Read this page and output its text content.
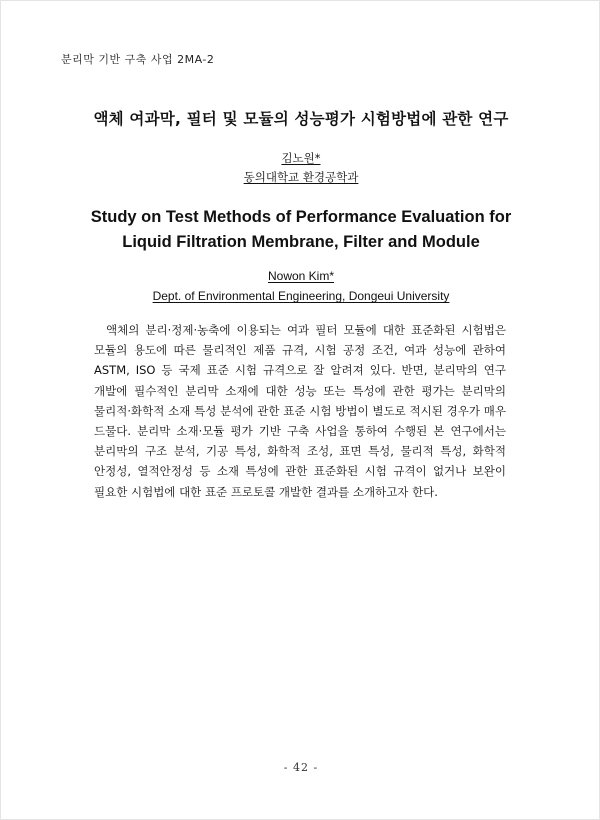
분리막 기반 구축 사업 2MA-2
액체 여과막, 필터 및 모듈의 성능평가 시험방법에 관한 연구
김노원*
동의대학교 환경공학과
Study on Test Methods of Performance Evaluation for
Liquid Filtration Membrane, Filter and Module
Nowon Kim*
Dept. of Environmental Engineering, Dongeui University

액체의 분리·정제·농축에 이용되는 여과 필터 모듈에 대한 표준화된 시험법은 모듈의 용도에 따른 물리적인 제품 규격, 시험 공정 조건, 여과 성능에 관하여 ASTM, ISO 등 국제 표준 시험 규격으로 잘 알려져 있다. 반면, 분리막의 연구 개발에 필수적인 분리막 소재에 대한 성능 또는 특성에 관한 평가는 분리막의 물리적·화학적 소재 특성 분석에 관한 표준 시험 방법이 별도로 적시된 경우가 매우 드물다. 분리막 소재·모듈 평가 기반 구축 사업을 통하여 수행된 본 연구에서는 분리막의 구조 분석, 기공 특성, 화학적 조성, 표면 특성, 물리적 특성, 화학적 안정성, 열적안정성 등 소재 특성에 관한 표준화된 시험 규격이 없거나 보완이 필요한 시험법에 대한 표준 프로토콜 개발한 결과를 소개하고자 한다.

- 42 -
